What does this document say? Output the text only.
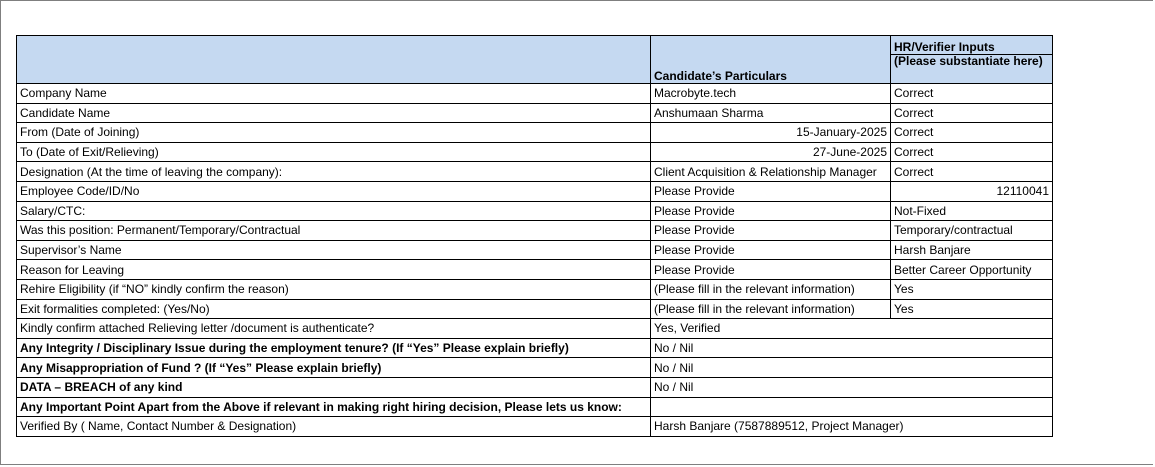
	Candidate’s Particulars	HR/Verifier Inputs
		(Please substantiate here)
Company Name	Macrobyte.tech	Correct
Candidate Name	Anshumaan Sharma	Correct
From (Date of Joining)	15-January-2025	Correct
To (Date of Exit/Relieving)	27-June-2025	Correct
Designation (At the time of leaving the company):	Client Acquisition & Relationship Manager	Correct
Employee Code/ID/No	Please Provide	12110041
Salary/CTC:	Please Provide	Not-Fixed
Was this position: Permanent/Temporary/Contractual	Please Provide	Temporary/contractual
Supervisor’s Name	Please Provide	Harsh Banjare
Reason for Leaving	Please Provide	Better Career Opportunity
Rehire Eligibility (if “NO” kindly confirm the reason)	(Please fill in the relevant information)	Yes
Exit formalities completed: (Yes/No)	(Please fill in the relevant information)	Yes
Kindly confirm attached Relieving letter /document is authenticate?	Yes, Verified	
Any Integrity / Disciplinary Issue during the employment tenure? (If “Yes” Please explain briefly)	No / Nil	
Any Misappropriation of Fund ? (If “Yes” Please explain briefly)	No / Nil	
DATA – BREACH of any kind	No / Nil	
Any Important Point Apart from the Above if relevant in making right hiring decision, Please lets us know:		
Verified By ( Name, Contact Number & Designation)	Harsh Banjare (7587889512, Project Manager)	
